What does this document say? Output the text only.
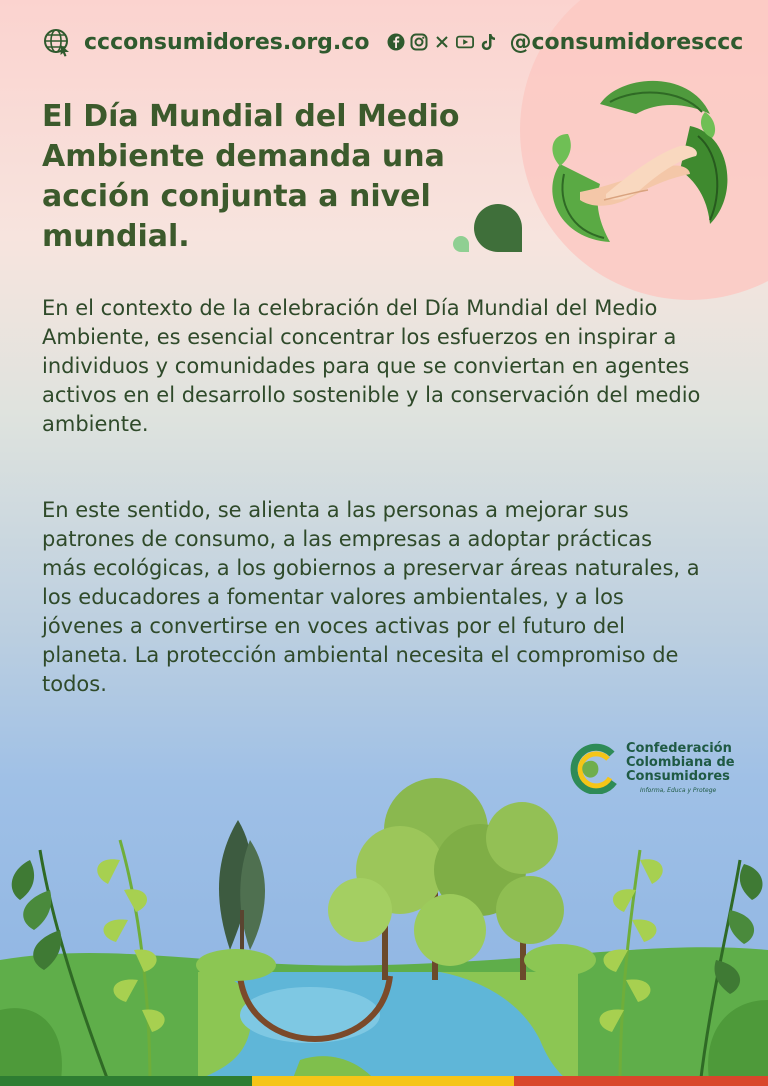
ccconsumidores.org.co	@consumidoresccc
El Día Mundial del Medio Ambiente demanda una acción conjunta a nivel mundial.

En el contexto de la celebración del Día Mundial del Medio Ambiente, es esencial concentrar los esfuerzos en inspirar a individuos y comunidades para que se conviertan en agentes activos en el desarrollo sostenible y la conservación del medio ambiente.

En este sentido, se alienta a las personas a mejorar sus patrones de consumo, a las empresas a adoptar prácticas más ecológicas, a los gobiernos a preservar áreas naturales, a los educadores a fomentar valores ambientales, y a los jóvenes a convertirse en voces activas por el futuro del planeta. La protección ambiental necesita el compromiso de todos.

Confederación
Colombiana de
Consumidores
Informa, Educa y Protege
